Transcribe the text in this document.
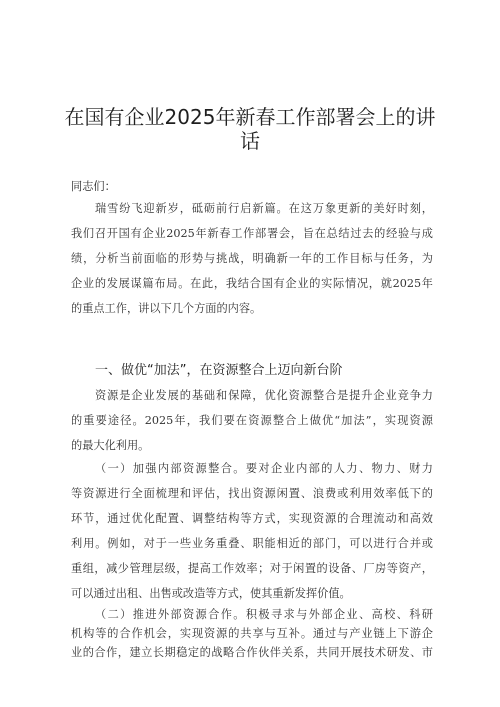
在国有企业2025年新春工作部署会上的讲
话
同志们：
瑞雪纷飞迎新岁，砥砺前行启新篇。在这万象更新的美好时刻，
我们召开国有企业2025年新春工作部署会，旨在总结过去的经验与成
绩，分析当前面临的形势与挑战，明确新一年的工作目标与任务，为
企业的发展谋篇布局。在此，我结合国有企业的实际情况，就2025年
的重点工作，讲以下几个方面的内容。
一、做优“加法”，在资源整合上迈向新台阶
资源是企业发展的基础和保障，优化资源整合是提升企业竞争力
的重要途径。2025年，我们要在资源整合上做优“加法”，实现资源
的最大化利用。
（一）加强内部资源整合。要对企业内部的人力、物力、财力
等资源进行全面梳理和评估，找出资源闲置、浪费或利用效率低下的
环节，通过优化配置、调整结构等方式，实现资源的合理流动和高效
利用。例如，对于一些业务重叠、职能相近的部门，可以进行合并或
重组，减少管理层级，提高工作效率；对于闲置的设备、厂房等资产，
可以通过出租、出售或改造等方式，使其重新发挥价值。
（二）推进外部资源合作。积极寻求与外部企业、高校、科研
机构等的合作机会，实现资源的共享与互补。通过与产业链上下游企
业的合作，建立长期稳定的战略合作伙伴关系，共同开展技术研发、市
